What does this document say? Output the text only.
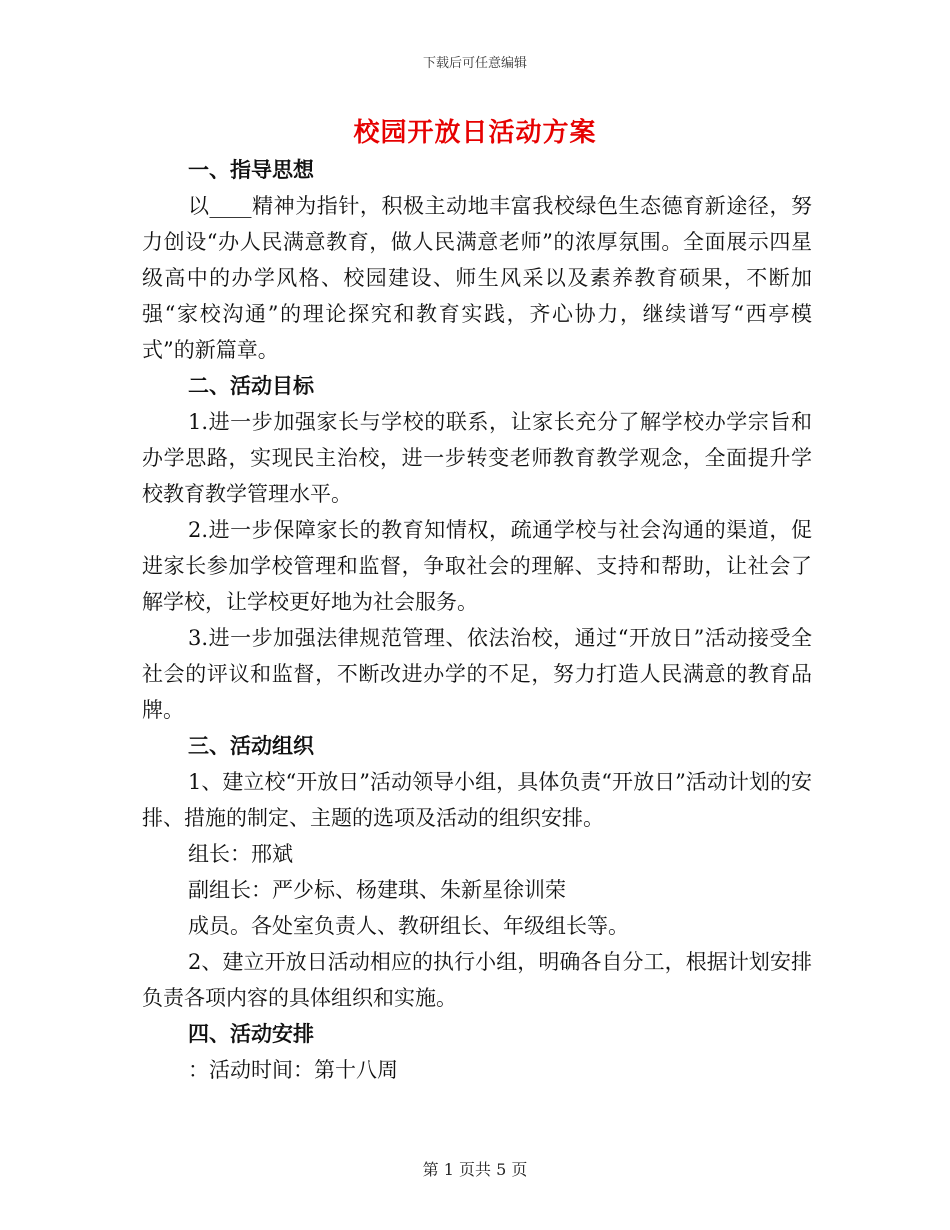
下载后可任意编辑
校园开放日活动方案
一、指导思想

以____精神为指针，积极主动地丰富我校绿色生态德育新途径，努力创设“办人民满意教育，做人民满意老师”的浓厚氛围。全面展示四星级高中的办学风格、校园建设、师生风采以及素养教育硕果，不断加强“家校沟通”的理论探究和教育实践，齐心协力，继续谱写“西亭模式”的新篇章。

二、活动目标

1.进一步加强家长与学校的联系，让家长充分了解学校办学宗旨和办学思路，实现民主治校，进一步转变老师教育教学观念，全面提升学校教育教学管理水平。

2.进一步保障家长的教育知情权，疏通学校与社会沟通的渠道，促进家长参加学校管理和监督，争取社会的理解、支持和帮助，让社会了解学校，让学校更好地为社会服务。

3.进一步加强法律规范管理、依法治校，通过“开放日”活动接受全社会的评议和监督，不断改进办学的不足，努力打造人民满意的教育品牌。

三、活动组织

1、建立校“开放日”活动领导小组，具体负责“开放日”活动计划的安排、措施的制定、主题的选项及活动的组织安排。

组长：邢斌

副组长：严少标、杨建琪、朱新星徐训荣

成员。各处室负责人、教研组长、年级组长等。

2、建立开放日活动相应的执行小组，明确各自分工，根据计划安排负责各项内容的具体组织和实施。

四、活动安排

：活动时间：第十八周

第 1 页共 5 页
